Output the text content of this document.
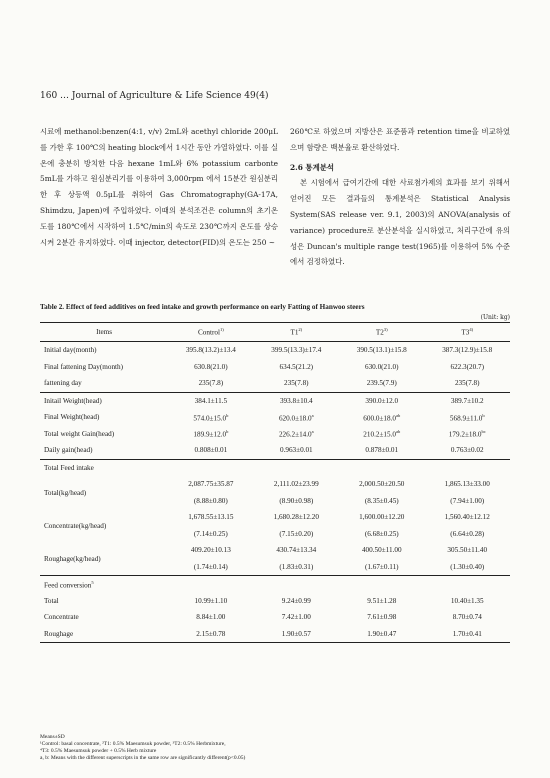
160 … Journal of Agriculture & Life Science 49(4)

시료에 methanol:benzen(4:1, v/v) 2mL와 acethyl chloride 200μL를 가한 후 100℃의 heating block에서 1시간 동안 가열하였다. 이를 실온에 충분히 방치한 다음 hexane 1mL와 6% potassium carbonte 5mL를 가하고 원심분리기를 이용하여 3,000rpm 에서 15분간 원심분리한 후 상등액 0.5μL를 취하여 Gas Chromatography(GA-17A, Shimdzu, Japen)에 주입하였다. 이때의 분석조건은 column의 초기온도를 180℃에서 시작하여 1.5℃/min의 속도로 230℃까지 온도를 상승시켜 2분간 유지하였다. 이때 injector, detector(FID)의 온도는 250 ~

260℃로 하였으며 지방산은 표준품과 retention time을 비교하였으며 함량은 백분율로 환산하였다.

2.6 통계분석

본 시험에서 급여기간에 대한 사료첨가제의 효과를 보기 위해서 얻어진 모든 결과들의 통계분석은 Statistical Analysis System(SAS release ver. 9.1, 2003)의 ANOVA(analysis of variance) procedure로 분산분석을 실시하였고, 처리구간에 유의성은 Duncan's multiple range test(1965)를 이용하여 5% 수준에서 검정하였다.

Table 2. Effect of feed additives on feed intake and growth performance on early Fatting of Hanwoo steers
(Unit: kg)
Items	Control$^{1)}$	T1$^{2)}$	T2$^{3)}$	T3$^{4)}$
Initial day(month)	395.8(13.2)±13.4	399.5(13.3)±17.4	390.5(13.1)±15.8	387.3(12.9)±15.8
Final fattening Day(month)	630.8(21.0)	634.5(21.2)	630.0(21.0)	622.3(20.7)
fattening day	235(7.8)	235(7.8)	239.5(7.9)	235(7.8)
Initail Weight(head)	384.1±11.5	393.8±10.4	390.0±12.0	389.7±10.2
Final Weight(head)	574.0±15.0$^b$	620.0±18.0$^a$	600.0±18.0$^{ab}$	568.9±11.0$^b$
Total weight Gain(head)	189.9±12.0$^b$	226.2±14.0$^a$	210.2±15.0$^{ab}$	179.2±18.0$^{bc}$
Daily gain(head)	0.808±0.01	0.963±0.01	0.878±0.01	0.763±0.02
Total Feed intake				
Total(kg/head)	2,087.75±35.87	2,111.02±23.99	2,000.50±20.50	1,865.13±33.00
	(8.88±0.80)	(8.90±0.98)	(8.35±0.45)	(7.94±1.00)
Concentrate(kg/head)	1,678.55±13.15	1,680.28±12.20	1,600.00±12.20	1,560.40±12.12
	(7.14±0.25)	(7.15±0.20)	(6.68±0.25)	(6.64±0.28)
Roughage(kg/head)	409.20±10.13	430.74±13.34	400.50±11.00	305.50±11.40
	(1.74±0.14)	(1.83±0.31)	(1.67±0.11)	(1.30±0.40)
Feed conversion$^5$				
Total	10.99±1.10	9.24±0.99	9.51±1.28	10.40±1.35
Concentrate	8.84±1.00	7.42±1.00	7.61±0.98	8.70±0.74
Roughage	2.15±0.78	1.90±0.57	1.90±0.47	1.70±0.41
Means±SD
¹Control: basal concentrate, ²T1: 0.5% Maesumsuk powder, ³T2: 0.5% Herbmixture,
⁴T3: 0.5% Maesumsuk powder + 0.5% Herb mixture
a, b: Means with the different superscripts in the same row are significantly different(p<0.05)
